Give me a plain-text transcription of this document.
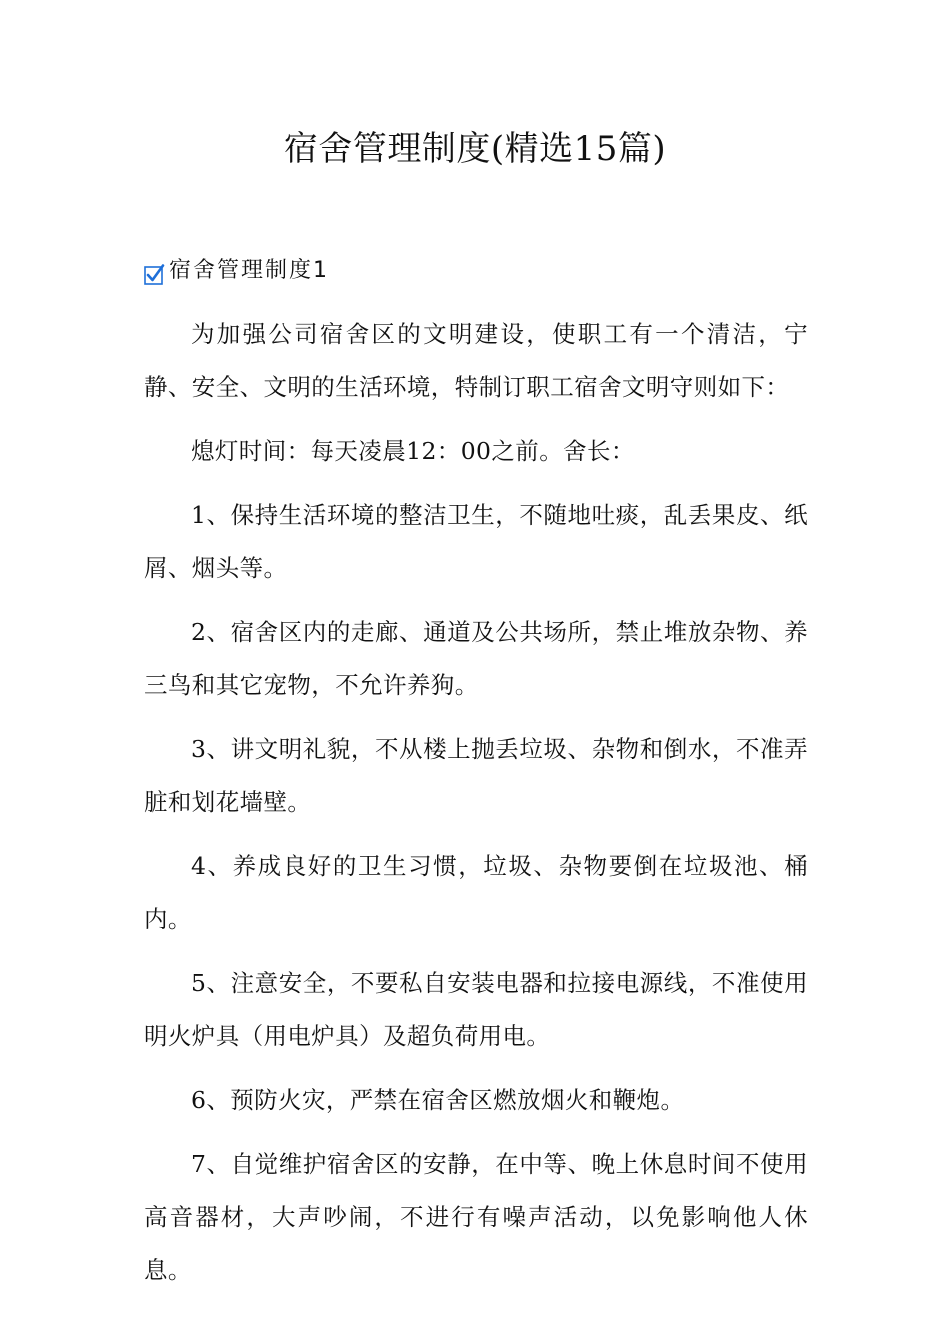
宿舍管理制度(精选15篇)
宿舍管理制度1

为加强公司宿舍区的文明建设，使职工有一个清洁，宁静、安全、文明的生活环境，特制订职工宿舍文明守则如下：

熄灯时间：每天凌晨12：00之前。舍长：

1、保持生活环境的整洁卫生，不随地吐痰，乱丢果皮、纸屑、烟头等。

2、宿舍区内的走廊、通道及公共场所，禁止堆放杂物、养三鸟和其它宠物，不允许养狗。

3、讲文明礼貌，不从楼上抛丢垃圾、杂物和倒水，不准弄脏和划花墙壁。

4、养成良好的卫生习惯，垃圾、杂物要倒在垃圾池、桶内。

5、注意安全，不要私自安装电器和拉接电源线，不准使用明火炉具（用电炉具）及超负荷用电。

6、预防火灾，严禁在宿舍区燃放烟火和鞭炮。

7、自觉维护宿舍区的安静，在中等、晚上休息时间不使用高音器材，大声吵闹，不进行有噪声活动，以免影响他人休息。
